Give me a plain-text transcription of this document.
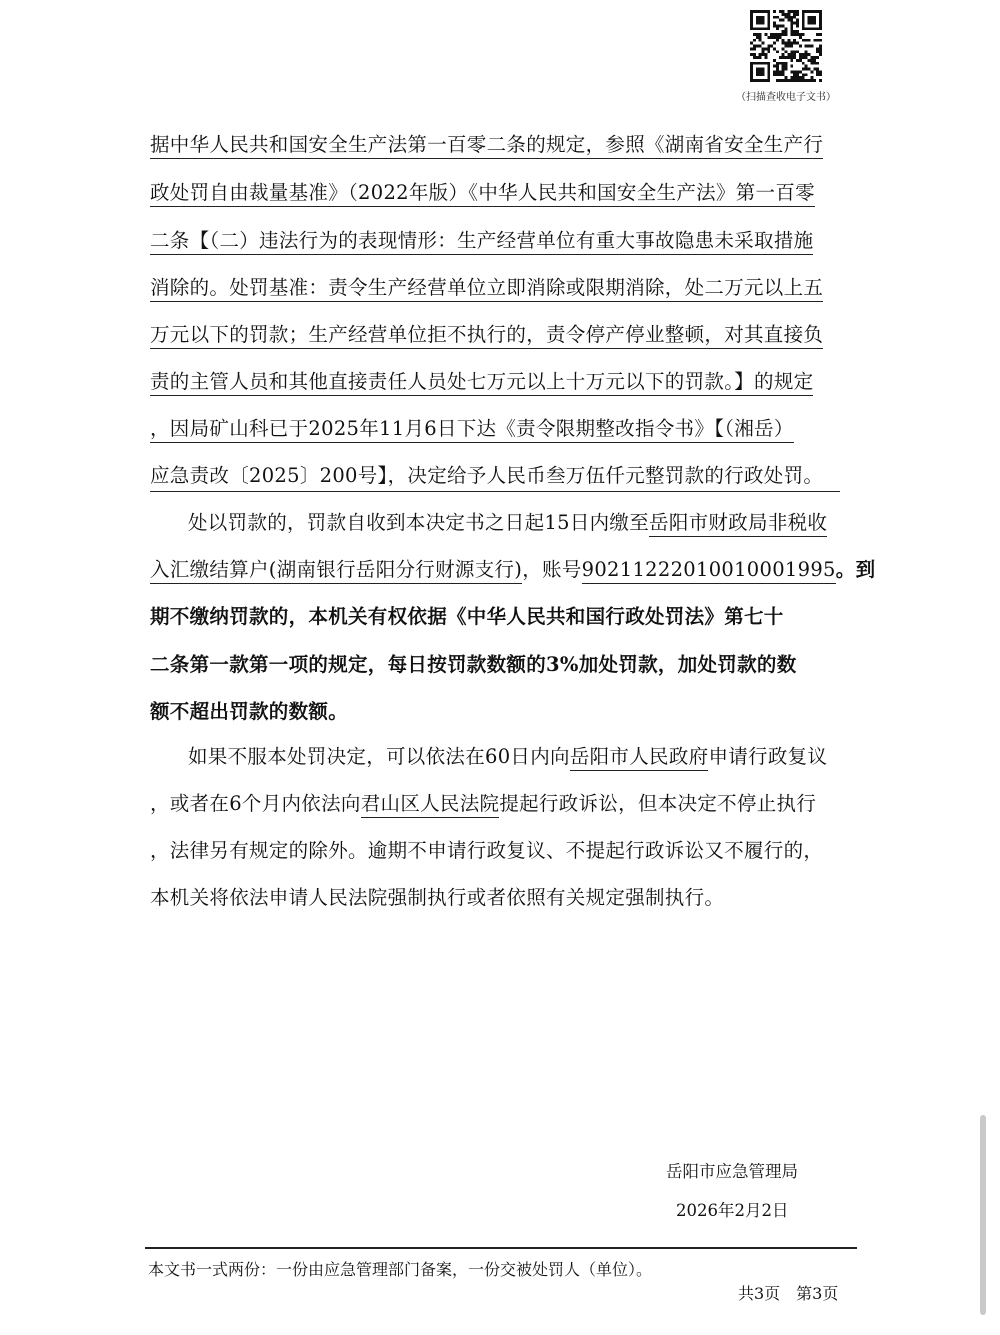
（扫描查收电子文书）
据中华人民共和国安全生产法第一百零二条的规定，参照《湖南省安全生产行
政处罚自由裁量基准》（2022年版）《中华人民共和国安全生产法》第一百零
二条【（二）违法行为的表现情形：生产经营单位有重大事故隐患未采取措施
消除的。处罚基准：责令生产经营单位立即消除或限期消除，处二万元以上五
万元以下的罚款；生产经营单位拒不执行的，责令停产停业整顿，对其直接负
责的主管人员和其他直接责任人员处七万元以上十万元以下的罚款。】的规定
，因局矿山科已于2025年11月6日下达《责令限期整改指令书》【（湘岳）
应急责改〔2025〕200号】，决定给予人民币叁万伍仟元整罚款的行政处罚。
处以罚款的，罚款自收到本决定书之日起15日内缴至岳阳市财政局非税收
入汇缴结算户(湖南银行岳阳分行财源支行)，账号90211222010010001995。到
期不缴纳罚款的，本机关有权依据《中华人民共和国行政处罚法》第七十
二条第一款第一项的规定，每日按罚款数额的3%加处罚款，加处罚款的数
额不超出罚款的数额。
如果不服本处罚决定，可以依法在60日内向岳阳市人民政府申请行政复议
，或者在6个月内依法向君山区人民法院提起行政诉讼，但本决定不停止执行
，法律另有规定的除外。逾期不申请行政复议、不提起行政诉讼又不履行的，
本机关将依法申请人民法院强制执行或者依照有关规定强制执行。
岳阳市应急管理局
2026年2月2日
本文书一式两份：一份由应急管理部门备案，一份交被处罚人（单位）。
共3页　第3页
